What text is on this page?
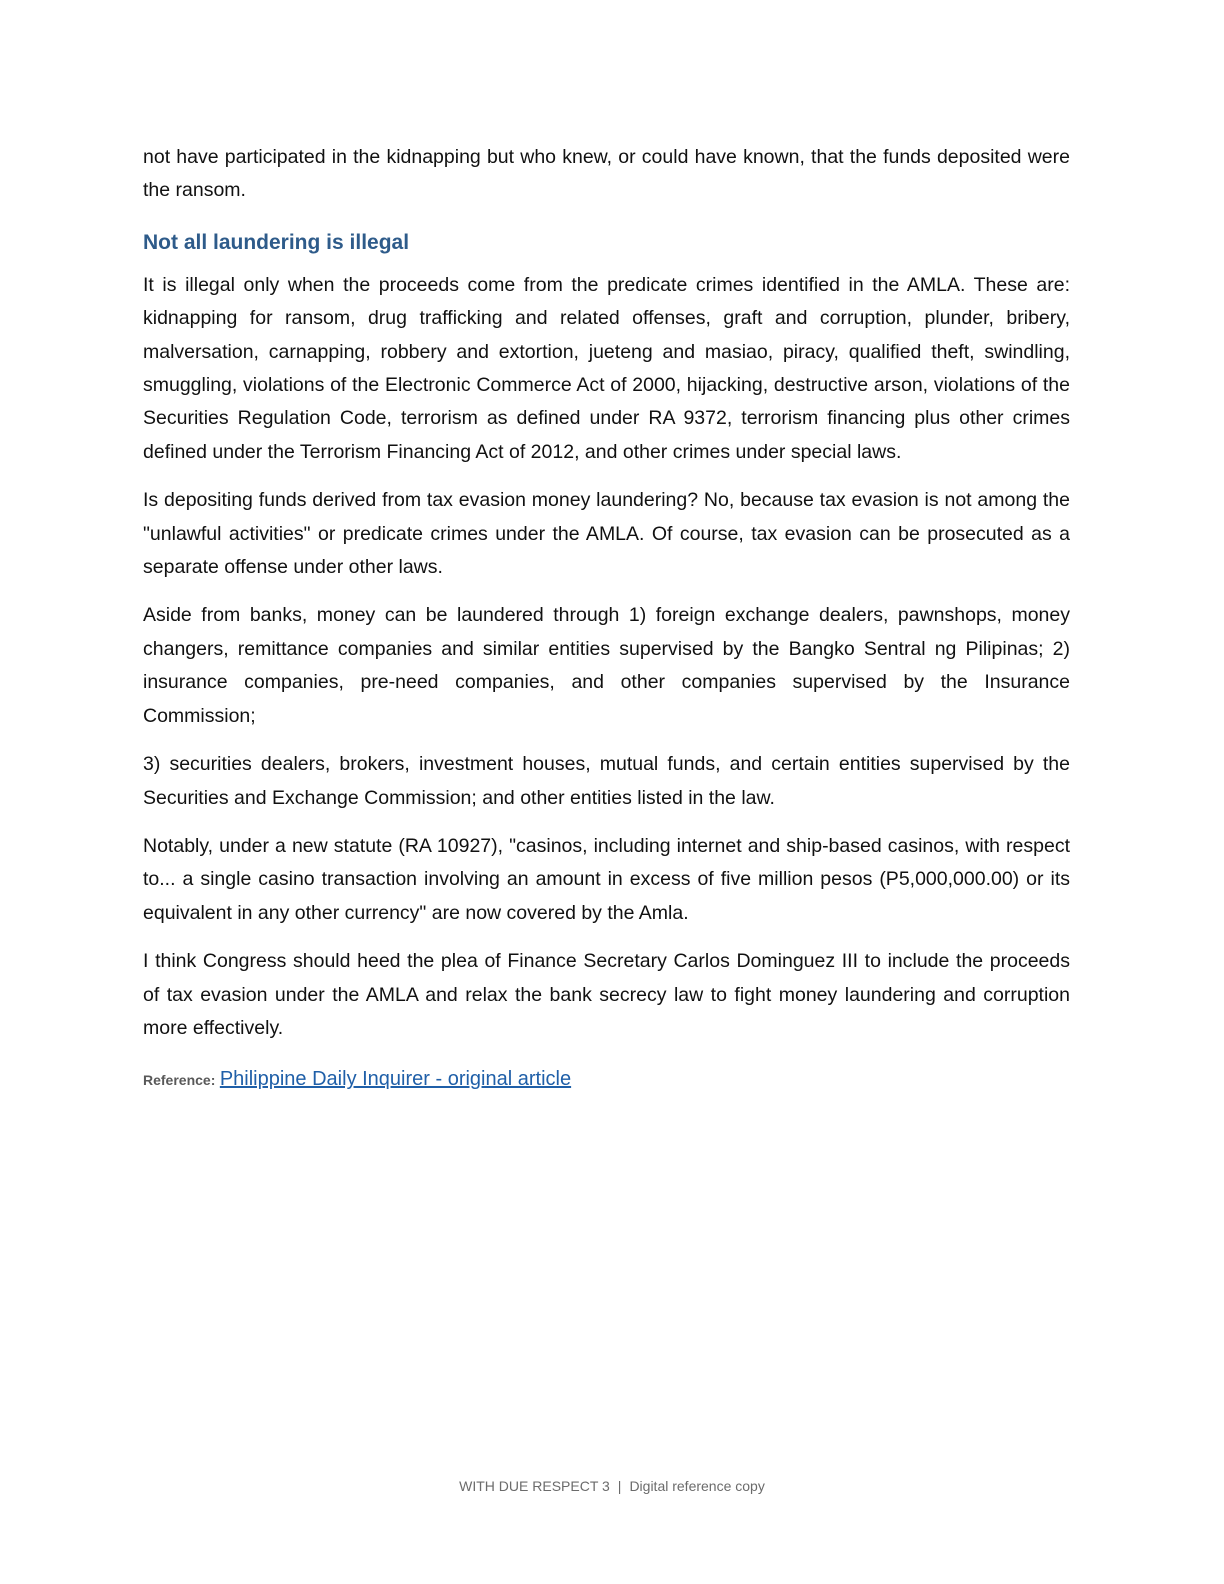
not have participated in the kidnapping but who knew, or could have known, that the funds deposited were the ransom.

Not all laundering is illegal

It is illegal only when the proceeds come from the predicate crimes identified in the AMLA. These are: kidnapping for ransom, drug trafficking and related offenses, graft and corruption, plunder, bribery, malversation, carnapping, robbery and extortion, jueteng and masiao, piracy, qualified theft, swindling, smuggling, violations of the Electronic Commerce Act of 2000, hijacking, destructive arson, violations of the Securities Regulation Code, terrorism as defined under RA 9372, terrorism financing plus other crimes defined under the Terrorism Financing Act of 2012, and other crimes under special laws.

Is depositing funds derived from tax evasion money laundering? No, because tax evasion is not among the "unlawful activities" or predicate crimes under the AMLA. Of course, tax evasion can be prosecuted as a separate offense under other laws.

Aside from banks, money can be laundered through 1) foreign exchange dealers, pawnshops, money changers, remittance companies and similar entities supervised by the Bangko Sentral ng Pilipinas; 2) insurance companies, pre-need companies, and other companies supervised by the Insurance Commission;

3) securities dealers, brokers, investment houses, mutual funds, and certain entities supervised by the Securities and Exchange Commission; and other entities listed in the law.

Notably, under a new statute (RA 10927), "casinos, including internet and ship-based casinos, with respect to... a single casino transaction involving an amount in excess of five million pesos (P5,000,000.00) or its equivalent in any other currency" are now covered by the Amla.

I think Congress should heed the plea of Finance Secretary Carlos Dominguez III to include the proceeds of tax evasion under the AMLA and relax the bank secrecy law to fight money laundering and corruption more effectively.

Reference: Philippine Daily Inquirer - original article
WITH DUE RESPECT 3 | Digital reference copy
